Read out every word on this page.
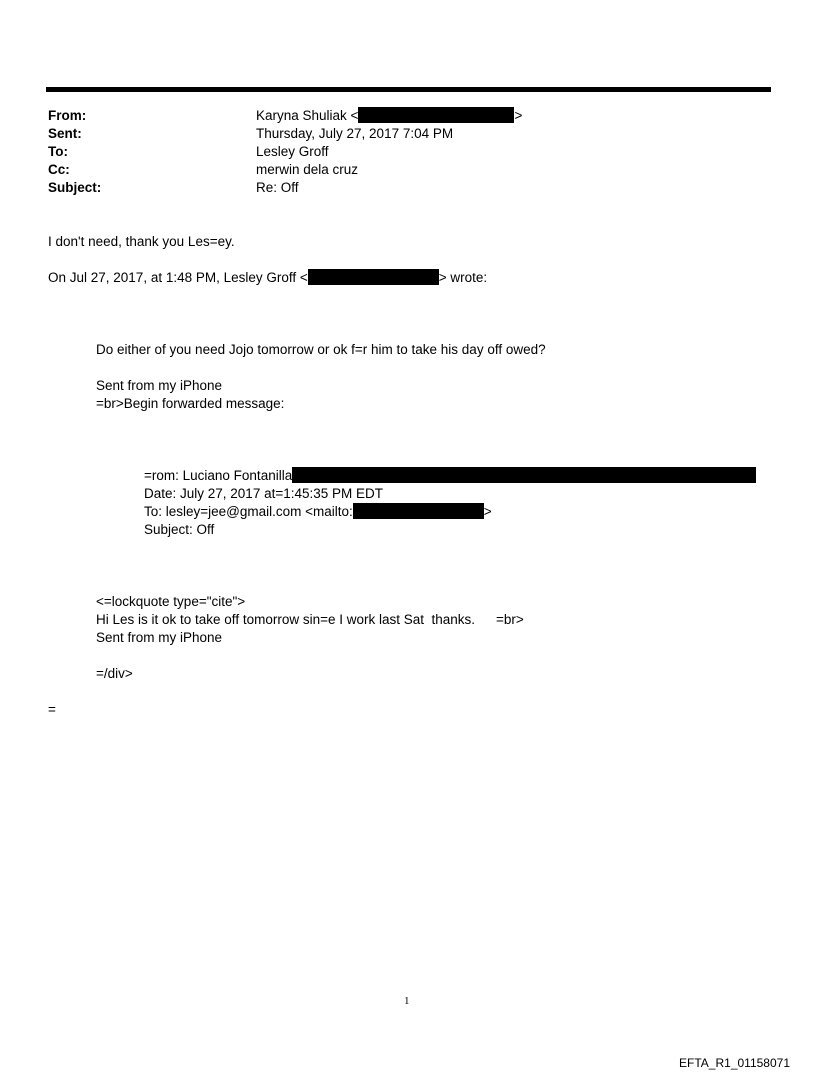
From:	Karyna Shuliak <	>
Sent:	Thursday, July 27, 2017 7:04 PM
To:	Lesley Groff
Cc:	merwin dela cruz
Subject:	Re: Off
I don't need, thank you Les=ey.
On Jul 27, 2017, at 1:48 PM, Lesley Groff <	> wrote:
Do either of you need Jojo tomorrow or ok f=r him to take his day off owed?
Sent from my iPhone
=br>Begin forwarded message:
=rom: Luciano Fontanilla
Date: July 27, 2017 at=1:45:35 PM EDT
To: lesley=jee@gmail.com <mailto:	>
Subject: Off
<=lockquote type="cite">
Hi Les is it ok to take off tomorrow sin=e I work last Sat  thanks. =br>
Sent from my iPhone
=/div>
=
1
EFTA_R1_01158071
